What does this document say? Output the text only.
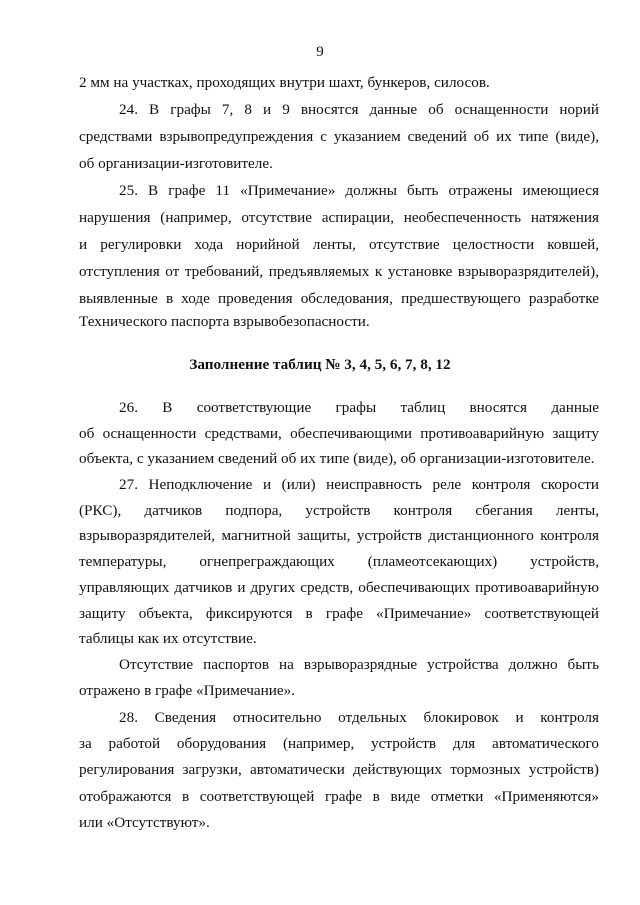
9
2 мм на участках, проходящих внутри шахт, бункеров, силосов.
24. В графы 7, 8 и 9 вносятся данные об оснащенности норий
средствами взрывопредупреждения с указанием сведений об их типе (виде),
об организации-изготовителе.
25. В графе 11 «Примечание» должны быть отражены имеющиеся
нарушения (например, отсутствие аспирации, необеспеченность натяжения
и регулировки хода норийной ленты, отсутствие целостности ковшей,
отступления от требований, предъявляемых к установке взрыворазрядителей),
выявленные в ходе проведения обследования, предшествующего разработке
Технического паспорта взрывобезопасности.
Заполнение таблиц № 3, 4, 5, 6, 7, 8, 12
26. В соответствующие графы таблиц вносятся данные
об оснащенности средствами, обеспечивающими противоаварийную защиту
объекта, с указанием сведений об их типе (виде), об организации-изготовителе.
27. Неподключение и (или) неисправность реле контроля скорости
(РКС), датчиков подпора, устройств контроля сбегания ленты,
взрыворазрядителей, магнитной защиты, устройств дистанционного контроля
температуры, огнепреграждающих (пламеотсекающих) устройств,
управляющих датчиков и других средств, обеспечивающих противоаварийную
защиту объекта, фиксируются в графе «Примечание» соответствующей
таблицы как их отсутствие.
Отсутствие паспортов на взрыворазрядные устройства должно быть
отражено в графе «Примечание».
28. Сведения относительно отдельных блокировок и контроля
за работой оборудования (например, устройств для автоматического
регулирования загрузки, автоматически действующих тормозных устройств)
отображаются в соответствующей графе в виде отметки «Применяются»
или «Отсутствуют».
